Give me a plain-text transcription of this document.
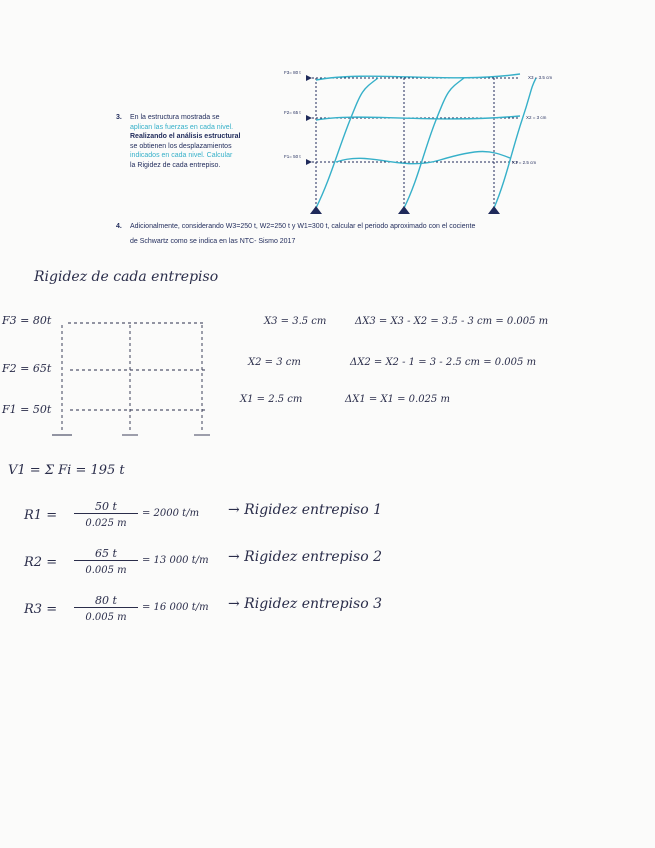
3. En la estructura mostrada se
aplican las fuerzas en cada nivel.
Realizando el análisis estructural
se obtienen los desplazamientos
indicados en cada nivel. Calcular
la Rigidez de cada entrepiso.
4. Adicionalmente, considerando W3=250 t, W2=250 t y W1=300 t, calcular el periodo aproximado con el cociente
de Schwartz como se indica en las NTC- Sismo 2017
F3= 80 t
F2= 65 t
F1= 50 t
X3 = 3.5 cm
X2 = 3 cm
X1 = 2.5 cm
Rigidez de cada entrepiso
F3 = 80t
F2 = 65t
F1 = 50t
X3 = 3.5 cm	ΔX3 = X3 - X2 = 3.5 - 3 cm = 0.005 m
X2 = 3 cm	ΔX2 = X2 - 1 = 3 - 2.5 cm = 0.005 m
X1 = 2.5 cm	ΔX1 = X1 = 0.025 m
V1 = Σ Fi = 195 t
R1 =
50 t
0.025 m
= 2000 t/m → Rigidez entrepiso 1
R2 =
65 t
0.005 m
= 13 000 t/m → Rigidez entrepiso 2
R3 =
80 t
0.005 m
= 16 000 t/m → Rigidez entrepiso 3
